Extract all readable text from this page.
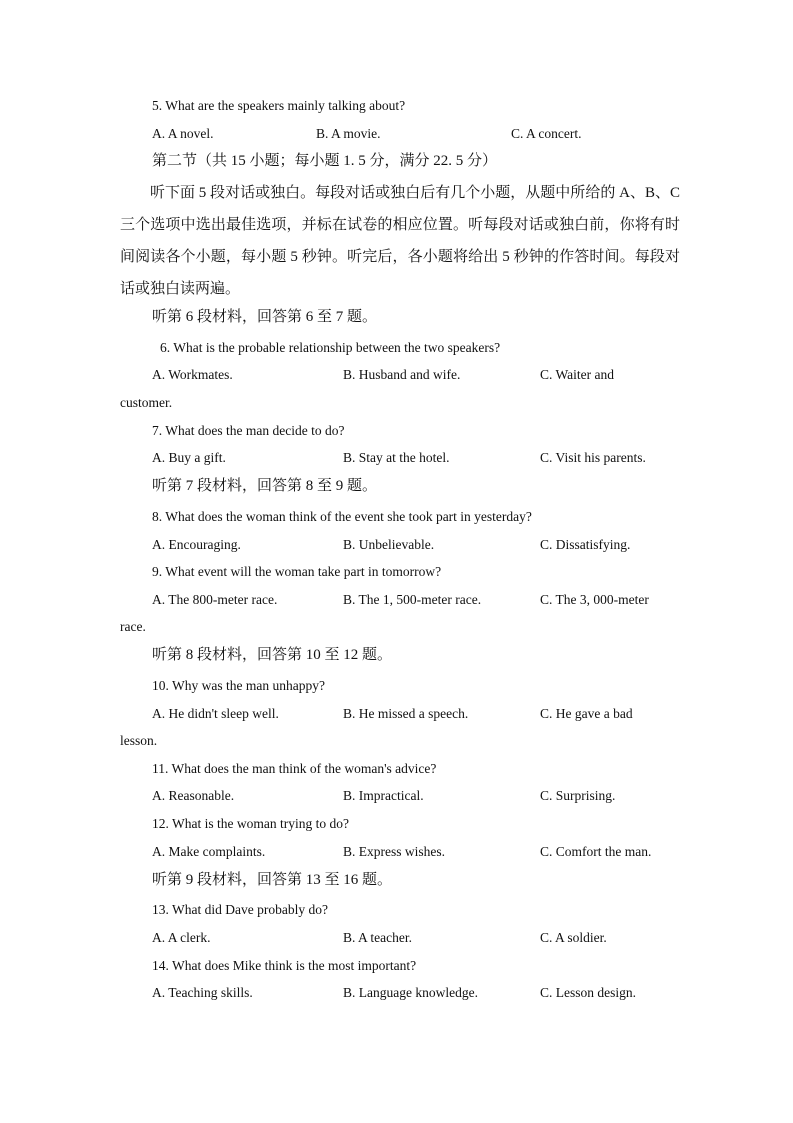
5. What are the speakers mainly talking about?
A. A novel.	B. A movie.	C. A concert.
第二节（共 15 小题；每小题 1. 5 分，满分 22. 5 分）
听下面 5 段对话或独白。每段对话或独白后有几个小题，从题中所给的 A、B、C 三个选项中选出最佳选项，并标在试卷的相应位置。听每段对话或独白前，你将有时间阅读各个小题，每小题 5 秒钟。听完后，各小题将给出 5 秒钟的作答时间。每段对话或独白读两遍。
听第 6 段材料，回答第 6 至 7 题。
6. What is the probable relationship between the two speakers?
A. Workmates.	B. Husband and wife.	C. Waiter and
customer.
7. What does the man decide to do?
A. Buy a gift.	B. Stay at the hotel.	C. Visit his parents.
听第 7 段材料，回答第 8 至 9 题。
8. What does the woman think of the event she took part in yesterday?
A. Encouraging.	B. Unbelievable.	C. Dissatisfying.
9. What event will the woman take part in tomorrow?
A. The 800-meter race.	B. The 1, 500-meter race.	C. The 3, 000-meter
race.
听第 8 段材料，回答第 10 至 12 题。
10. Why was the man unhappy?
A. He didn't sleep well.	B. He missed a speech.	C. He gave a bad
lesson.
11. What does the man think of the woman's advice?
A. Reasonable.	B. Impractical.	C. Surprising.
12. What is the woman trying to do?
A. Make complaints.	B. Express wishes.	C. Comfort the man.
听第 9 段材料，回答第 13 至 16 题。
13. What did Dave probably do?
A. A clerk.	B. A teacher.	C. A soldier.
14. What does Mike think is the most important?
A. Teaching skills.	B. Language knowledge.	C. Lesson design.
